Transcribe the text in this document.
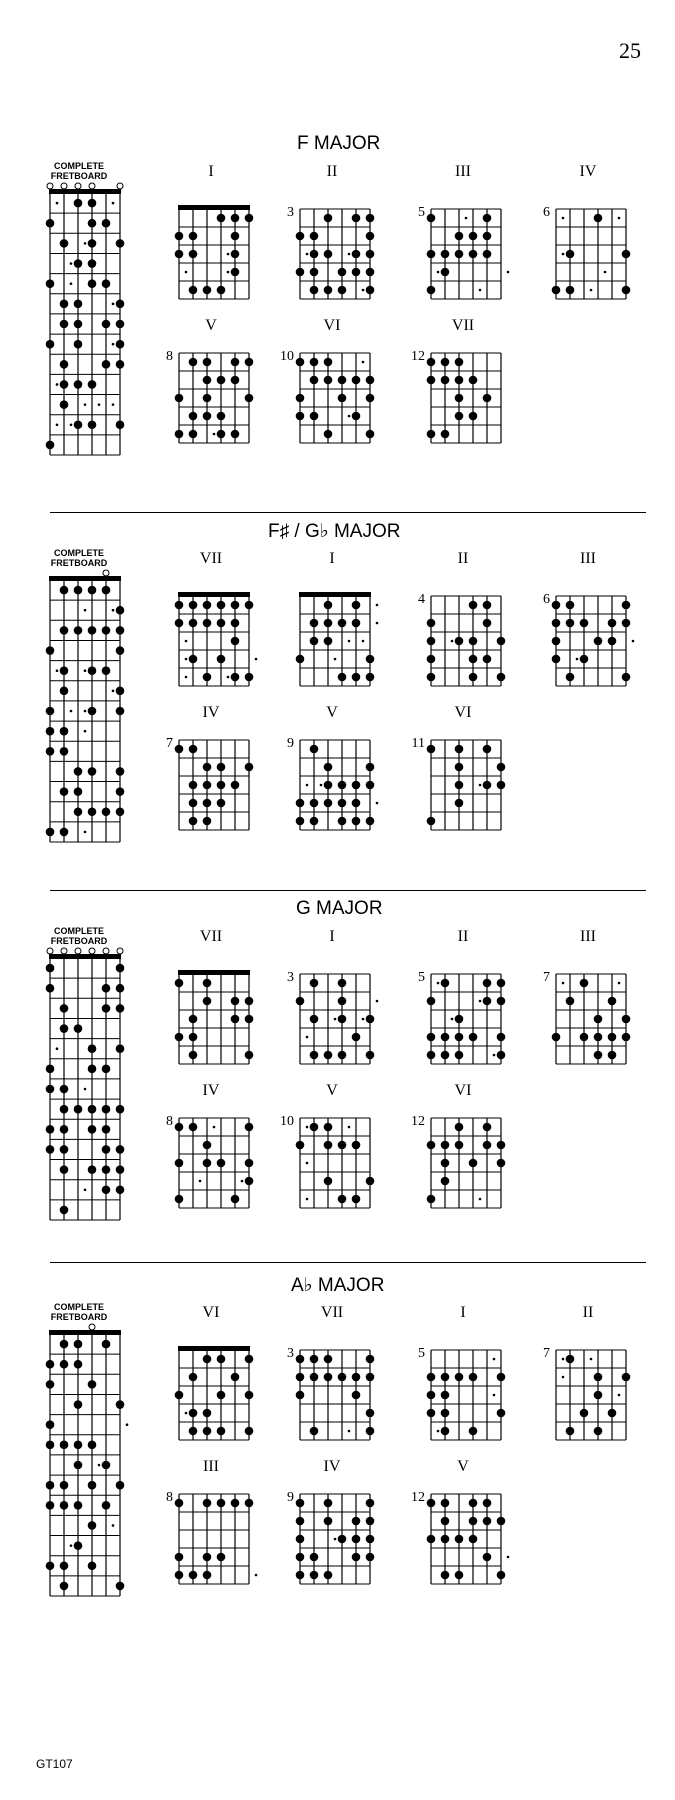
25
F MAJOR
COMPLETE
FRETBOARD	I	II
3
III
5
IV
6
V
8
VI
10
VII
12
F♯ / G♭ MAJOR
COMPLETE
FRETBOARD	VII	I	II
4
III
6
IV
7
V
9
VI
11
G MAJOR
COMPLETE
FRETBOARD	VII	I
3
II
5
III
7
IV
8
V
10
VI
12
A♭ MAJOR
COMPLETE
FRETBOARD	VI	VII
3
I
5
II
7
III
8
IV
9
V
12
GT107
